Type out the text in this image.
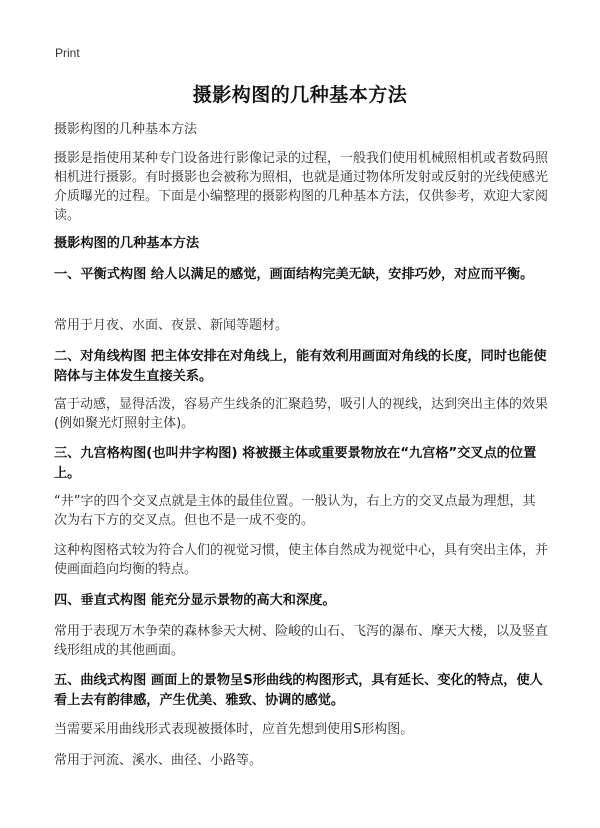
Print
摄影构图的几种基本方法

摄影构图的几种基本方法

摄影是指使用某种专门设备进行影像记录的过程，一般我们使用机械照相机或者数码照相机进行摄影。有时摄影也会被称为照相，也就是通过物体所发射或反射的光线使感光介质曝光的过程。下面是小编整理的摄影构图的几种基本方法，仅供参考，欢迎大家阅读。

摄影构图的几种基本方法

一、平衡式构图 给人以满足的感觉，画面结构完美无缺，安排巧妙，对应而平衡。

常用于月夜、水面、夜景、新闻等题材。

二、对角线构图 把主体安排在对角线上，能有效利用画面对角线的长度，同时也能使陪体与主体发生直接关系。

富于动感，显得活泼，容易产生线条的汇聚趋势，吸引人的视线，达到突出主体的效果(例如聚光灯照射主体)。

三、九宫格构图(也叫井字构图) 将被摄主体或重要景物放在“九宫格”交叉点的位置上。

“井”字的四个交叉点就是主体的最佳位置。一般认为，右上方的交叉点最为理想，其次为右下方的交叉点。但也不是一成不变的。

这种构图格式较为符合人们的视觉习惯，使主体自然成为视觉中心，具有突出主体，并使画面趋向均衡的特点。

四、垂直式构图 能充分显示景物的高大和深度。

常用于表现万木争荣的森林参天大树、险峻的山石、飞泻的瀑布、摩天大楼，以及竖直线形组成的其他画面。

五、曲线式构图 画面上的景物呈S形曲线的构图形式，具有延长、变化的特点，使人看上去有韵律感，产生优美、雅致、协调的感觉。

当需要采用曲线形式表现被摄体时，应首先想到使用S形构图。

常用于河流、溪水、曲径、小路等。
